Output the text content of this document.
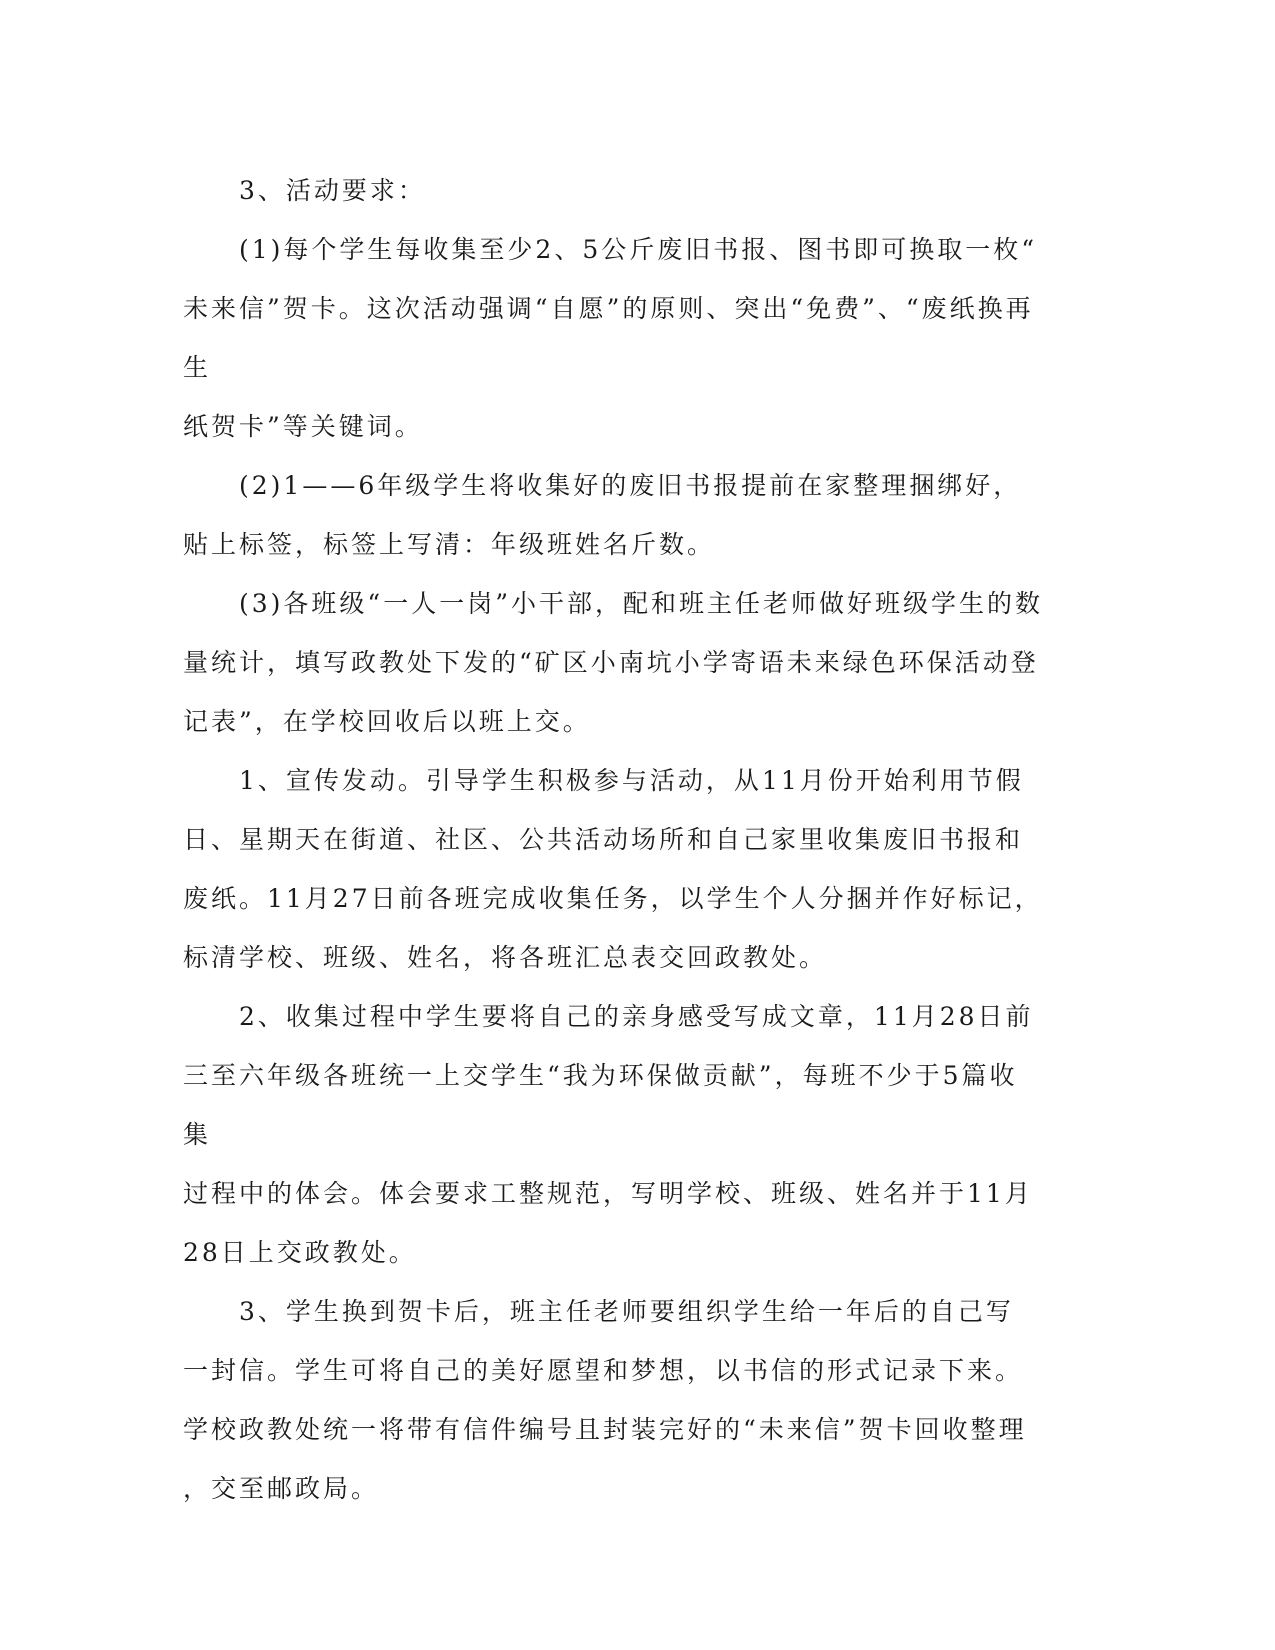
　　3、活动要求：

　　(1)每个学生每收集至少2、5公斤废旧书报、图书即可换取一枚“
未来信”贺卡。这次活动强调“自愿”的原则、突出“免费”、“废纸换再生
纸贺卡”等关键词。

　　(2)1——6年级学生将收集好的废旧书报提前在家整理捆绑好，
贴上标签，标签上写清：年级班姓名斤数。

　　(3)各班级“一人一岗”小干部，配和班主任老师做好班级学生的数
量统计，填写政教处下发的“矿区小南坑小学寄语未来绿色环保活动登
记表”，在学校回收后以班上交。

　　1、宣传发动。引导学生积极参与活动，从11月份开始利用节假
日、星期天在街道、社区、公共活动场所和自己家里收集废旧书报和
废纸。11月27日前各班完成收集任务，以学生个人分捆并作好标记，
标清学校、班级、姓名，将各班汇总表交回政教处。

　　2、收集过程中学生要将自己的亲身感受写成文章，11月28日前
三至六年级各班统一上交学生“我为环保做贡献”，每班不少于5篇收集
过程中的体会。体会要求工整规范，写明学校、班级、姓名并于11月
28日上交政教处。

　　3、学生换到贺卡后，班主任老师要组织学生给一年后的自己写
一封信。学生可将自己的美好愿望和梦想，以书信的形式记录下来。
学校政教处统一将带有信件编号且封装完好的“未来信”贺卡回收整理
，交至邮政局。
